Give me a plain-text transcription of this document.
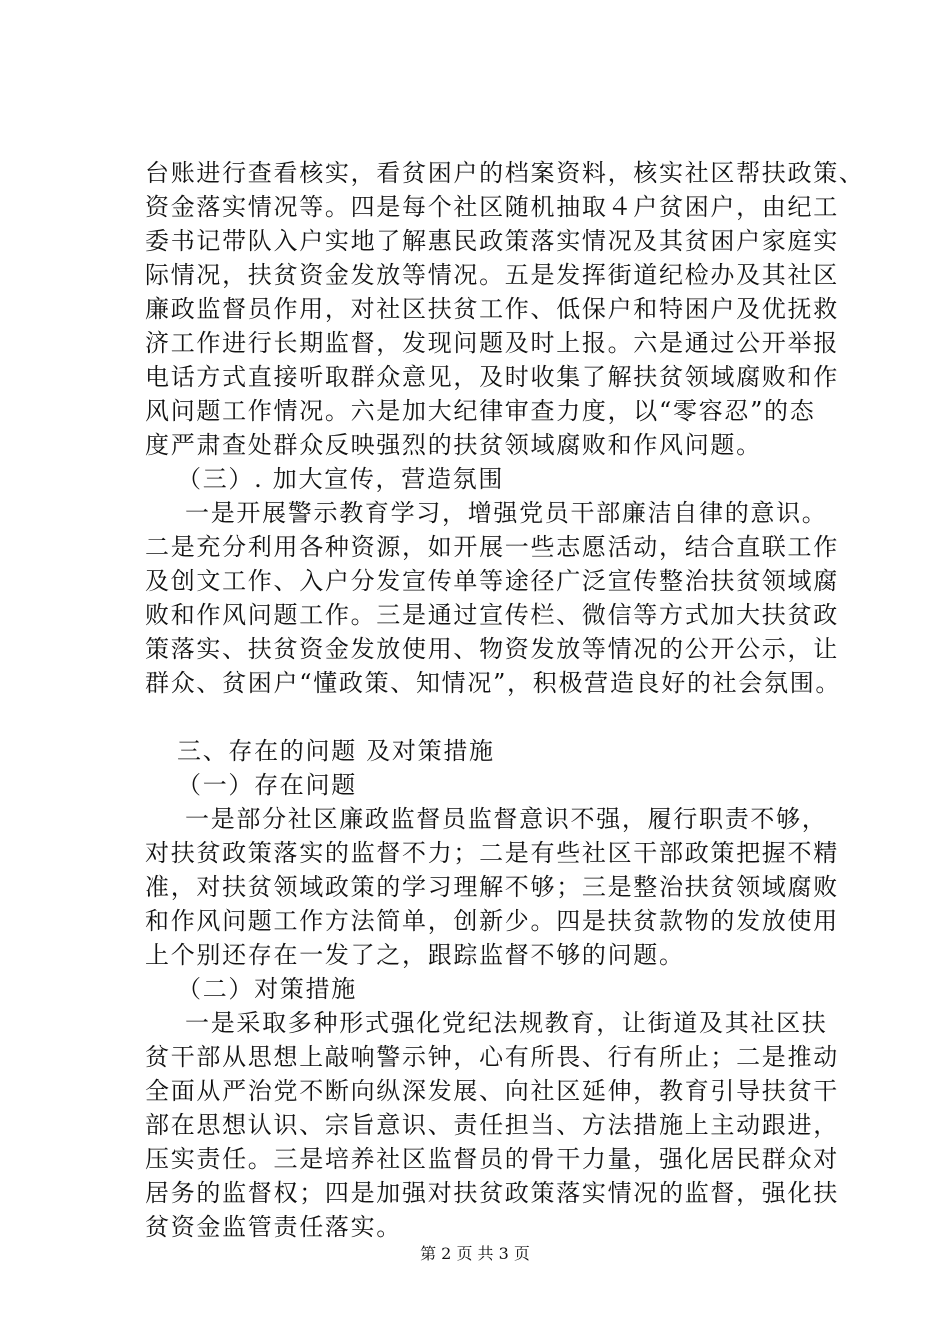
台账进行查看核实，看贫困户的档案资料，核实社区帮扶政策、
资金落实情况等。四是每个社区随机抽取４户贫困户，由纪工
委书记带队入户实地了解惠民政策落实情况及其贫困户家庭实
际情况，扶贫资金发放等情况。五是发挥街道纪检办及其社区
廉政监督员作用，对社区扶贫工作、低保户和特困户及优抚救
济工作进行长期监督，发现问题及时上报。六是通过公开举报
电话方式直接听取群众意见，及时收集了解扶贫领域腐败和作
风问题工作情况。六是加大纪律审查力度，以“零容忍”的态
度严肃查处群众反映强烈的扶贫领域腐败和作风问题。
（三）. 加大宣传，营造氛围
一是开展警示教育学习，增强党员干部廉洁自律的意识。
二是充分利用各种资源，如开展一些志愿活动，结合直联工作
及创文工作、入户分发宣传单等途径广泛宣传整治扶贫领域腐
败和作风问题工作。三是通过宣传栏、微信等方式加大扶贫政
策落实、扶贫资金发放使用、物资发放等情况的公开公示，让
群众、贫困户“懂政策、知情况”，积极营造良好的社会氛围。
三、存在的问题 及对策措施
（一）存在问题
一是部分社区廉政监督员监督意识不强，履行职责不够，
对扶贫政策落实的监督不力；二是有些社区干部政策把握不精
准，对扶贫领域政策的学习理解不够；三是整治扶贫领域腐败
和作风问题工作方法简单，创新少。四是扶贫款物的发放使用
上个别还存在一发了之，跟踪监督不够的问题。
（二）对策措施
一是采取多种形式强化党纪法规教育，让街道及其社区扶
贫干部从思想上敲响警示钟，心有所畏、行有所止；二是推动
全面从严治党不断向纵深发展、向社区延伸，教育引导扶贫干
部在思想认识、宗旨意识、责任担当、方法措施上主动跟进，
压实责任。三是培养社区监督员的骨干力量，强化居民群众对
居务的监督权；四是加强对扶贫政策落实情况的监督，强化扶
贫资金监管责任落实。
第 2 页 共 3 页
